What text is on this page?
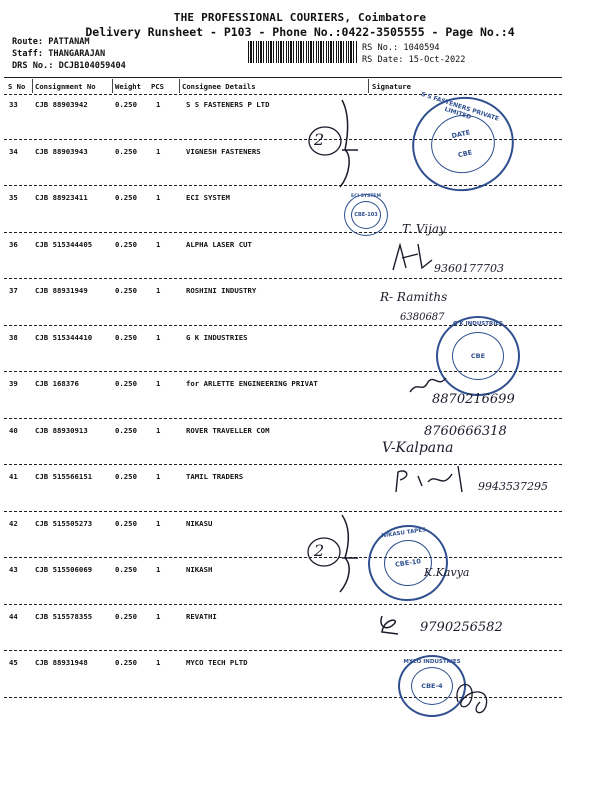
THE PROFESSIONAL COURIERS, Coimbatore
Delivery Runsheet - P103 - Phone No.:0422-3505555 - Page No.:4
Route: PATTANAM
Staff: THANGARAJAN
DRS No.: DCJB104059404
RS No.: 1040594
RS Date: 15-Oct-2022
S No Consignment No	Weight PCS	Consignee Details	Signature
33 CJB 88903942	0.250	1	S S FASTENERS P LTD
34 CJB 88903943	0.250	1	VIGNESH FASTENERS
35 CJB 88923411	0.250	1	ECI SYSTEM
36 CJB 515344405	0.250	1	ALPHA LASER CUT
37 CJB 88931949	0.250	1	ROSHINI INDUSTRY
38 CJB 515344410	0.250	1	G K INDUSTRIES
39 CJB 168376	0.250	1	for ARLETTE ENGINEERING PRIVAT
40 CJB 88930913	0.250	1	ROVER TRAVELLER COM
41 CJB 515566151	0.250	1	TAMIL TRADERS
42 CJB 515505273	0.250	1	NIKASU
43 CJB 515506069	0.250	1	NIKASH
44 CJB 515578355	0.250	1	REVATHI
45 CJB 88931948	0.250	1	MYCO TECH PLTD
DATE
CBE
S S FASTENERS PRIVATE LIMITED
CBE-103
ECI SYSTEM
CBE
G K INDUSTRIES
CBE-10
NIKASU TAPES
CBE-4
MYCO INDUSTRIES
T. Vijay
9360177703
R- Ramiths
6380687
8870216699
8760666318
V-Kalpana
9943537295
9790256582
K.Kavya
2
2
